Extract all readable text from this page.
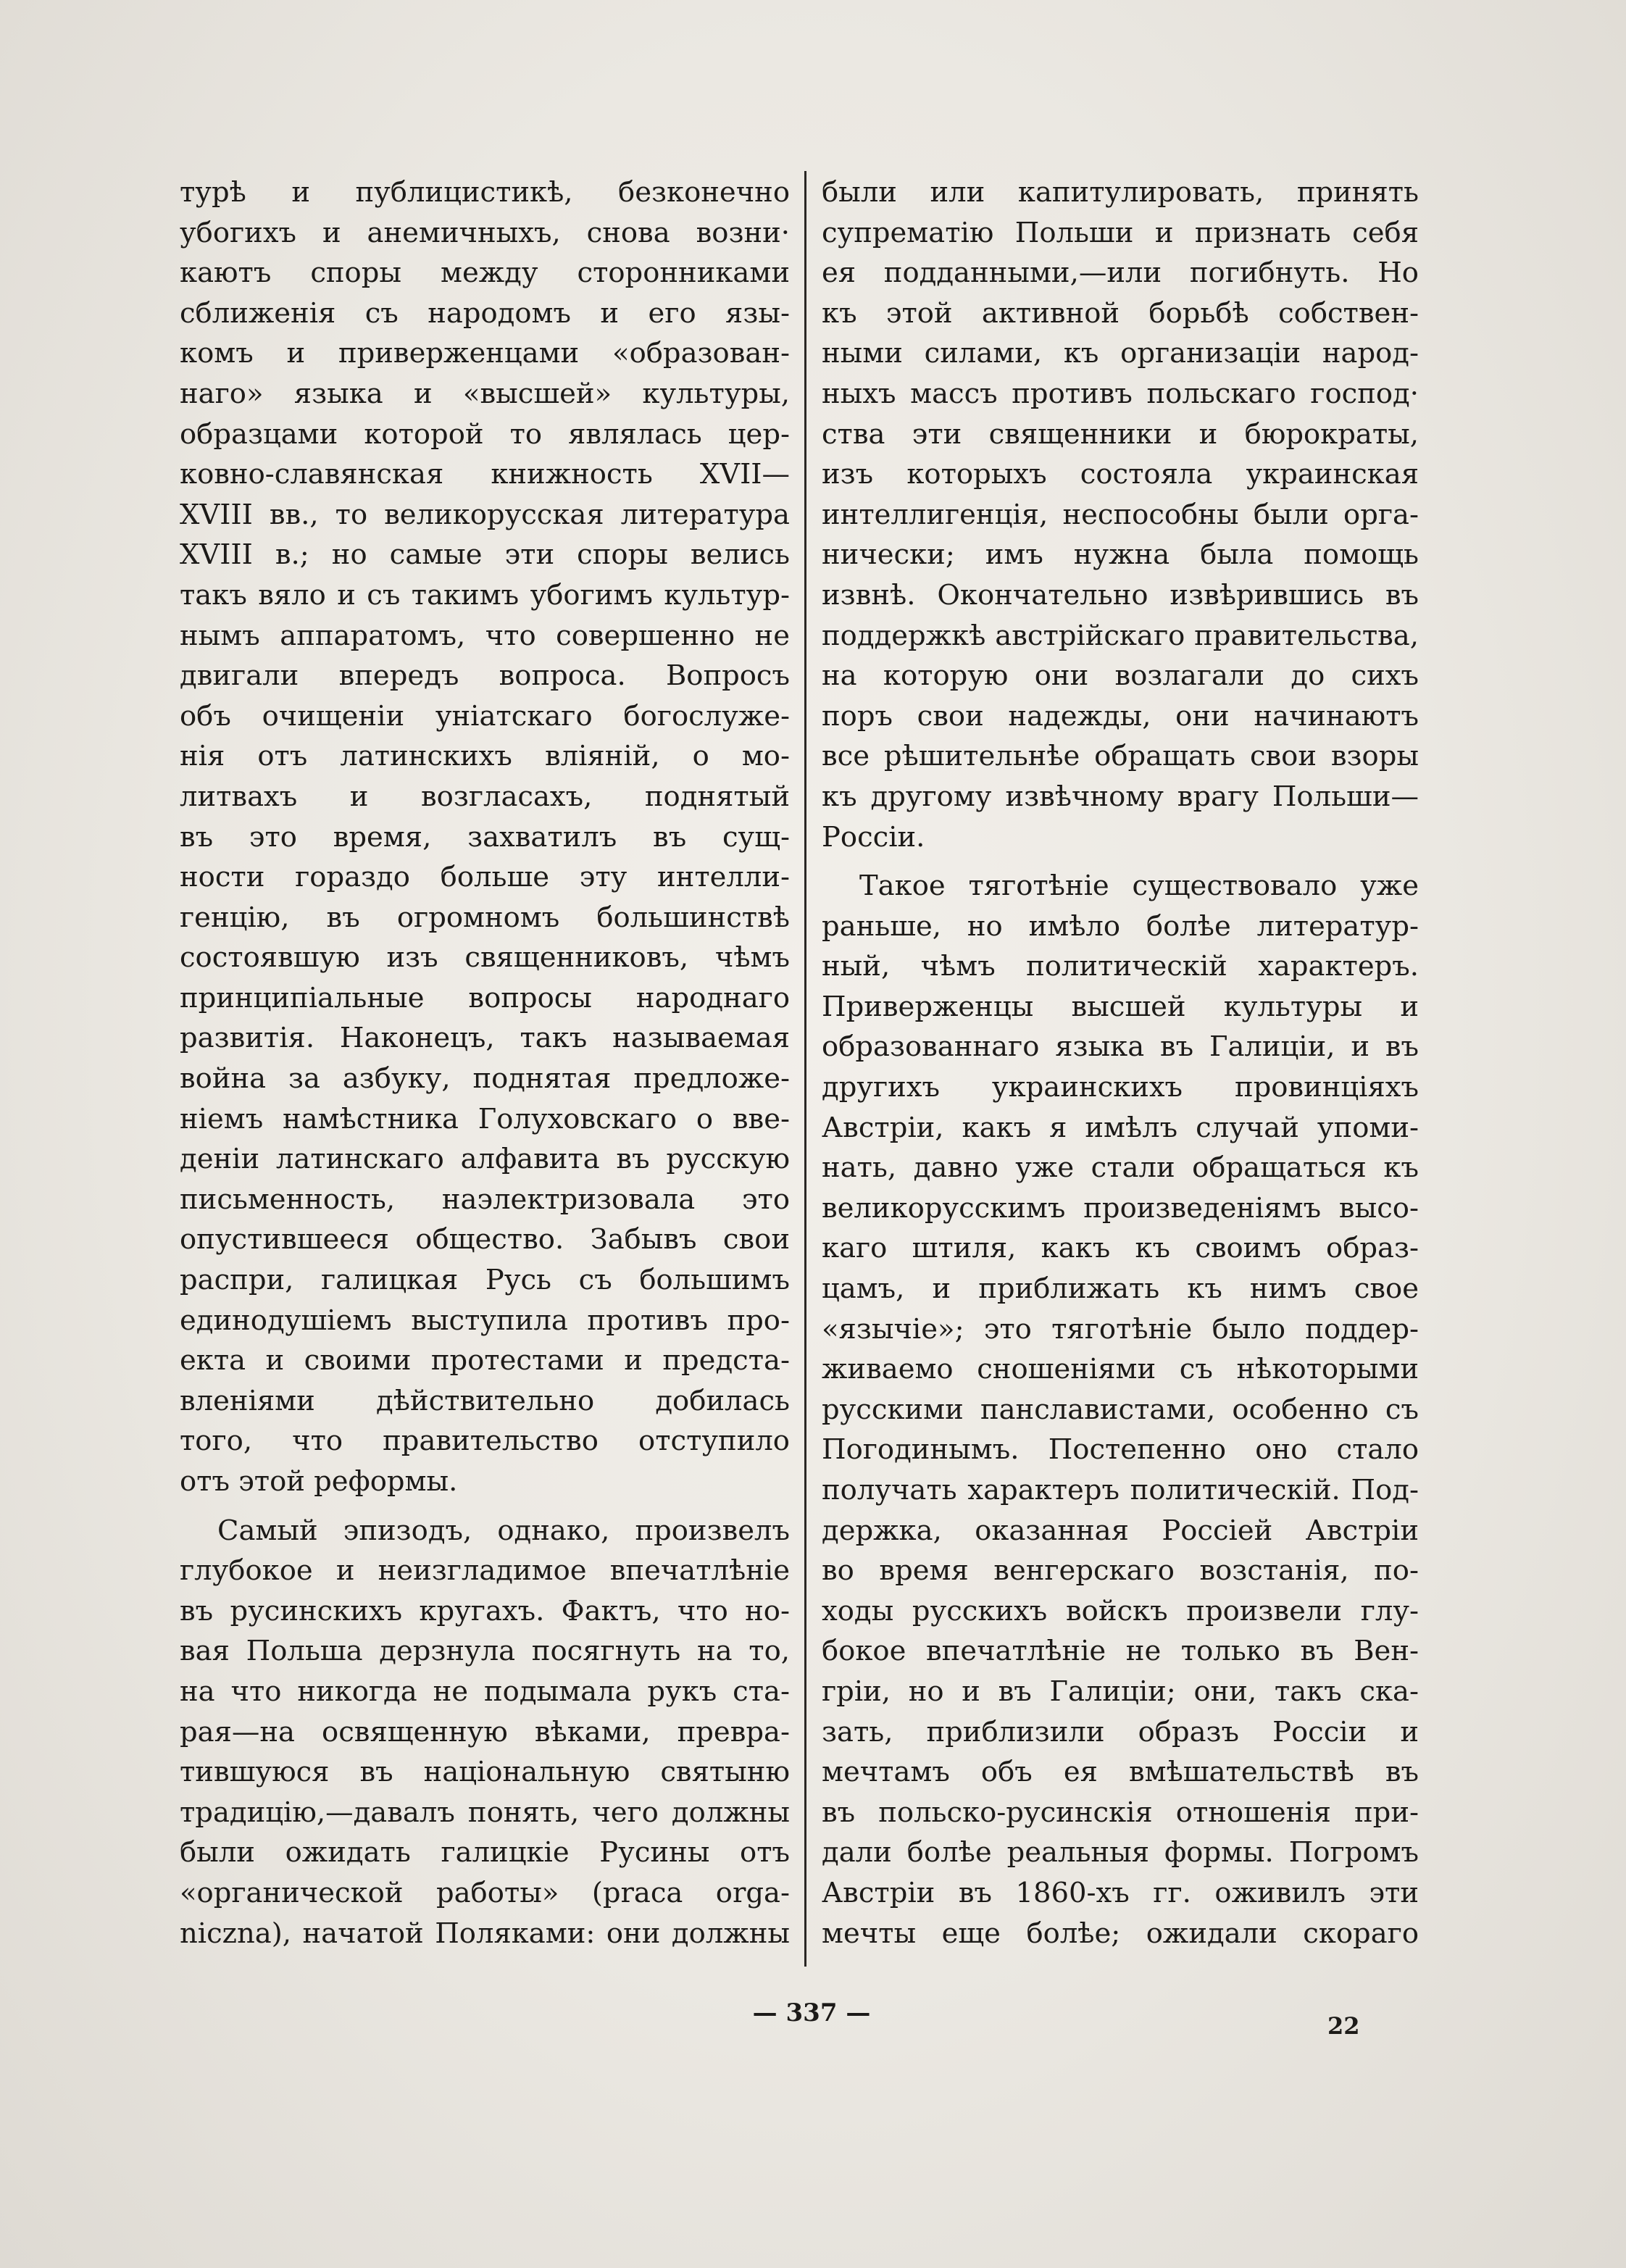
турѣ и публицистикѣ, безконечно
убогихъ и анемичныхъ, снова возни·
каютъ споры между сторонниками
сближенія съ народомъ и его язы-
комъ и приверженцами «образован-
наго» языка и «высшей» культуры,
образцами которой то являлась цер-
ковно-славянская книжность XVII—
XVIII вв., то великорусская литература
XVIII в.; но самые эти споры велись
такъ вяло и съ такимъ убогимъ культур-
нымъ аппаратомъ, что совершенно не
двигали впередъ вопроса. Вопросъ
объ очищеніи уніатскаго богослуже-
нія отъ латинскихъ вліяній, о мо-
литвахъ и возгласахъ, поднятый
въ это время, захватилъ въ сущ-
ности гораздо больше эту интелли-
генцію, въ огромномъ большинствѣ
состоявшую изъ священниковъ, чѣмъ
принципіальные вопросы народнаго
развитія. Наконецъ, такъ называемая
война за азбуку, поднятая предложе-
ніемъ намѣстника Голуховскаго о вве-
деніи латинскаго алфавита въ русскую
письменность, наэлектризовала это
опустившееся общество. Забывъ свои
распри, галицкая Русь съ большимъ
единодушіемъ выступила противъ про-
екта и своими протестами и предста-
вленіями дѣйствительно добилась
того, что правительство отступило
отъ этой реформы.
Самый эпизодъ, однако, произвелъ
глубокое и неизгладимое впечатлѣніе
въ русинскихъ кругахъ. Фактъ, что но-
вая Польша дерзнула посягнуть на то,
на что никогда не подымала рукъ ста-
рая—на освященную вѣками, превра-
тившуюся въ національную святыню
традицію,—давалъ понять, чего должны
были ожидать галицкіе Русины отъ
«органической работы» (praca orga-
niczna), начатой Поляками: они должны
были или капитулировать, принять
супрематію Польши и признать себя
ея подданными,—или погибнуть. Но
къ этой активной борьбѣ собствен-
ными силами, къ организаціи народ-
ныхъ массъ противъ польскаго господ·
ства эти священники и бюрократы,
изъ которыхъ состояла украинская
интеллигенція, неспособны были орга-
нически; имъ нужна была помощь
извнѣ. Окончательно извѣрившись въ
поддержкѣ австрійскаго правительства,
на которую они возлагали до сихъ
поръ свои надежды, они начинаютъ
все рѣшительнѣе обращать свои взоры
къ другому извѣчному врагу Польши—
Россіи.
Такое тяготѣніе существовало уже
раньше, но имѣло болѣе литератур-
ный, чѣмъ политическій характеръ.
Приверженцы высшей культуры и
образованнаго языка въ Галиціи, и въ
другихъ украинскихъ провинціяхъ
Австріи, какъ я имѣлъ случай упоми-
нать, давно уже стали обращаться къ
великорусскимъ произведеніямъ высо-
каго штиля, какъ къ своимъ образ-
цамъ, и приближать къ нимъ свое
«язычіе»; это тяготѣніе было поддер-
живаемо сношеніями съ нѣкоторыми
русскими панславистами, особенно съ
Погодинымъ. Постепенно оно стало
получать характеръ политическій. Под-
держка, оказанная Россіей Австріи
во время венгерскаго возстанія, по-
ходы русскихъ войскъ произвели глу-
бокое впечатлѣніе не только въ Вен-
гріи, но и въ Галиціи; они, такъ ска-
зать, приблизили образъ Россіи и
мечтамъ объ ея вмѣшательствѣ въ
въ польско-русинскія отношенія при-
дали болѣе реальныя формы. Погромъ
Австріи въ 1860-хъ гг. оживилъ эти
мечты еще болѣе; ожидали скораго
— 337 —	22
